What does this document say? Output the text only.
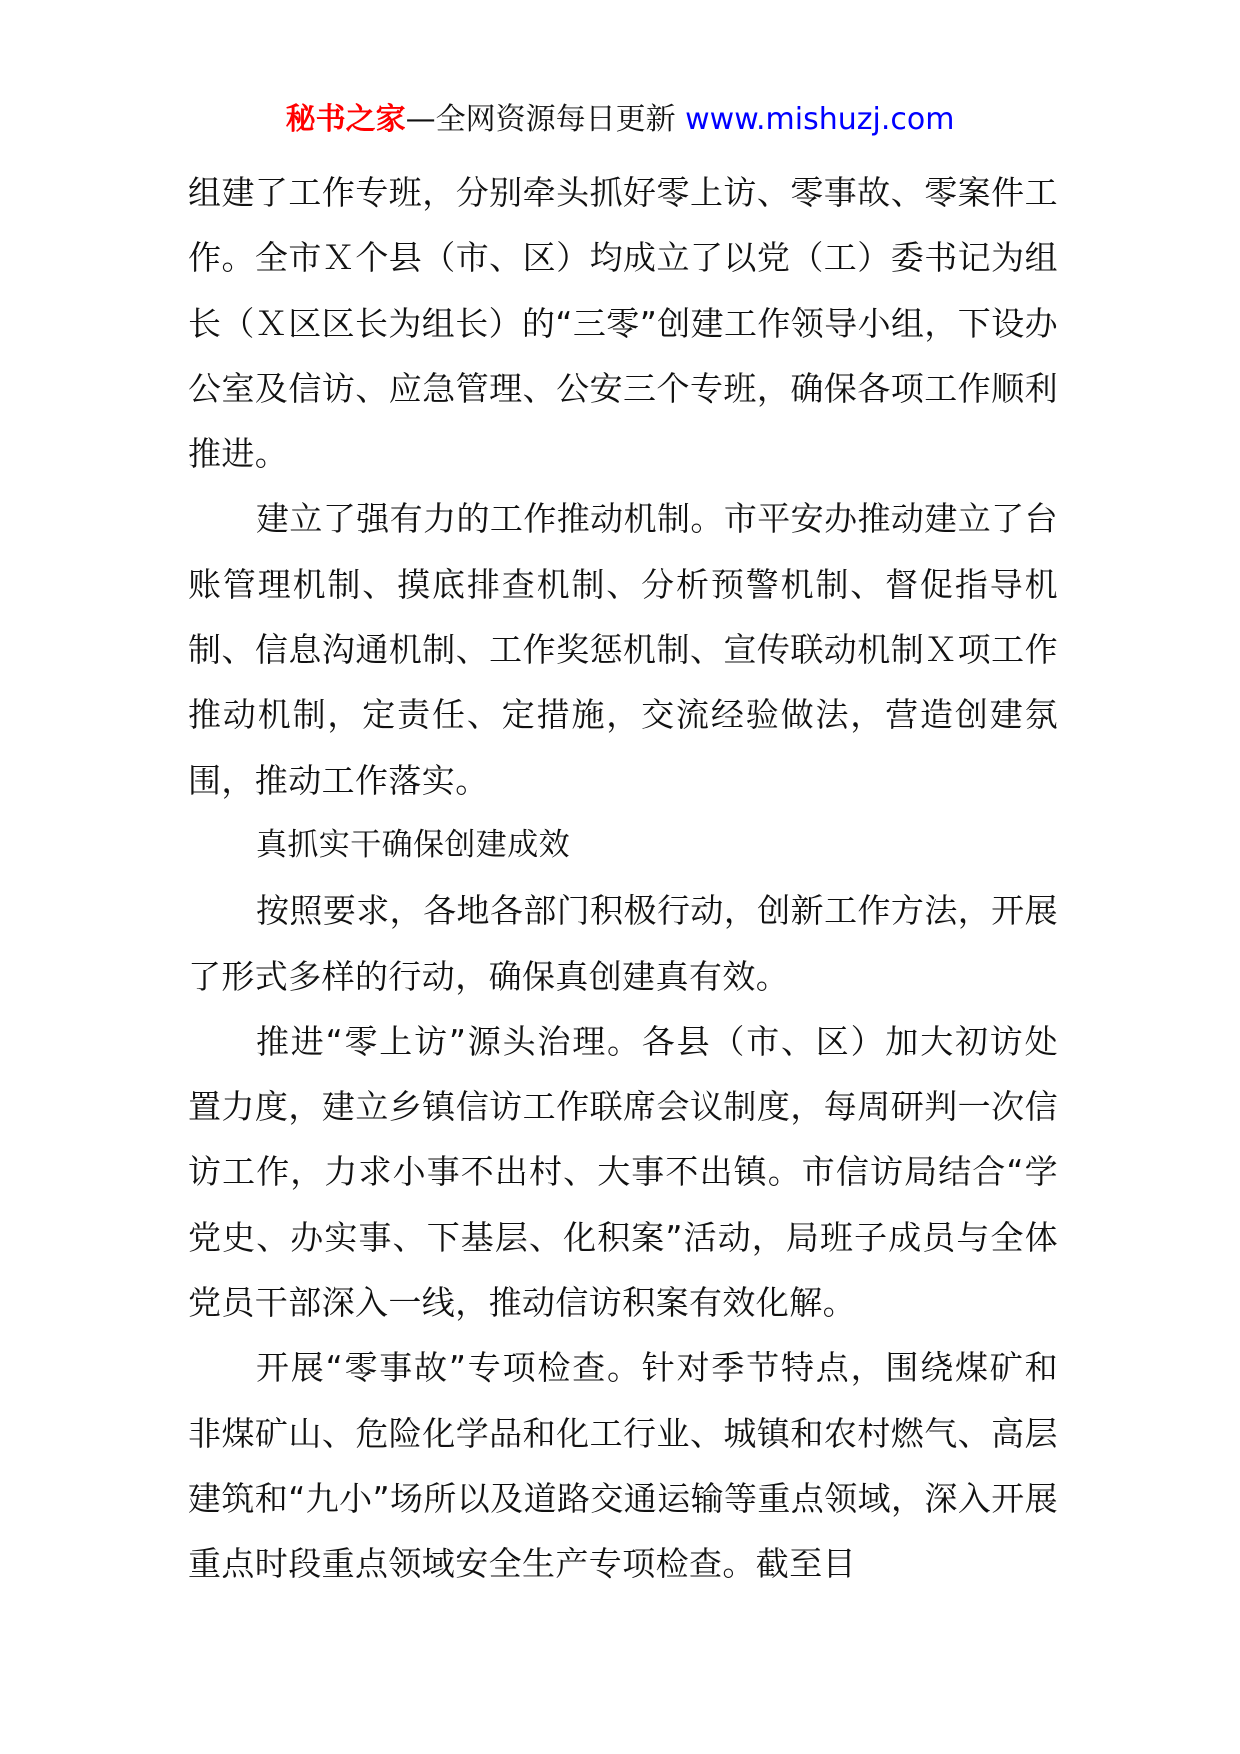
秘书之家—全网资源每日更新 www.mishuzj.com

组建了工作专班，分别牵头抓好零上访、零事故、零案件工作。全市Ｘ个县（市、区）均成立了以党（工）委书记为组长（Ｘ区区长为组长）的“三零”创建工作领导小组，下设办公室及信访、应急管理、公安三个专班，确保各项工作顺利推进。

建立了强有力的工作推动机制。市平安办推动建立了台账管理机制、摸底排查机制、分析预警机制、督促指导机制、信息沟通机制、工作奖惩机制、宣传联动机制Ｘ项工作推动机制，定责任、定措施，交流经验做法，营造创建氛围，推动工作落实。

真抓实干确保创建成效

按照要求，各地各部门积极行动，创新工作方法，开展了形式多样的行动，确保真创建真有效。

推进“零上访”源头治理。各县（市、区）加大初访处置力度，建立乡镇信访工作联席会议制度，每周研判一次信访工作，力求小事不出村、大事不出镇。市信访局结合“学党史、办实事、下基层、化积案”活动，局班子成员与全体党员干部深入一线，推动信访积案有效化解。

开展“零事故”专项检查。针对季节特点，围绕煤矿和非煤矿山、危险化学品和化工行业、城镇和农村燃气、高层建筑和“九小”场所以及道路交通运输等重点领域，深入开展重点时段重点领域安全生产专项检查。截至目
